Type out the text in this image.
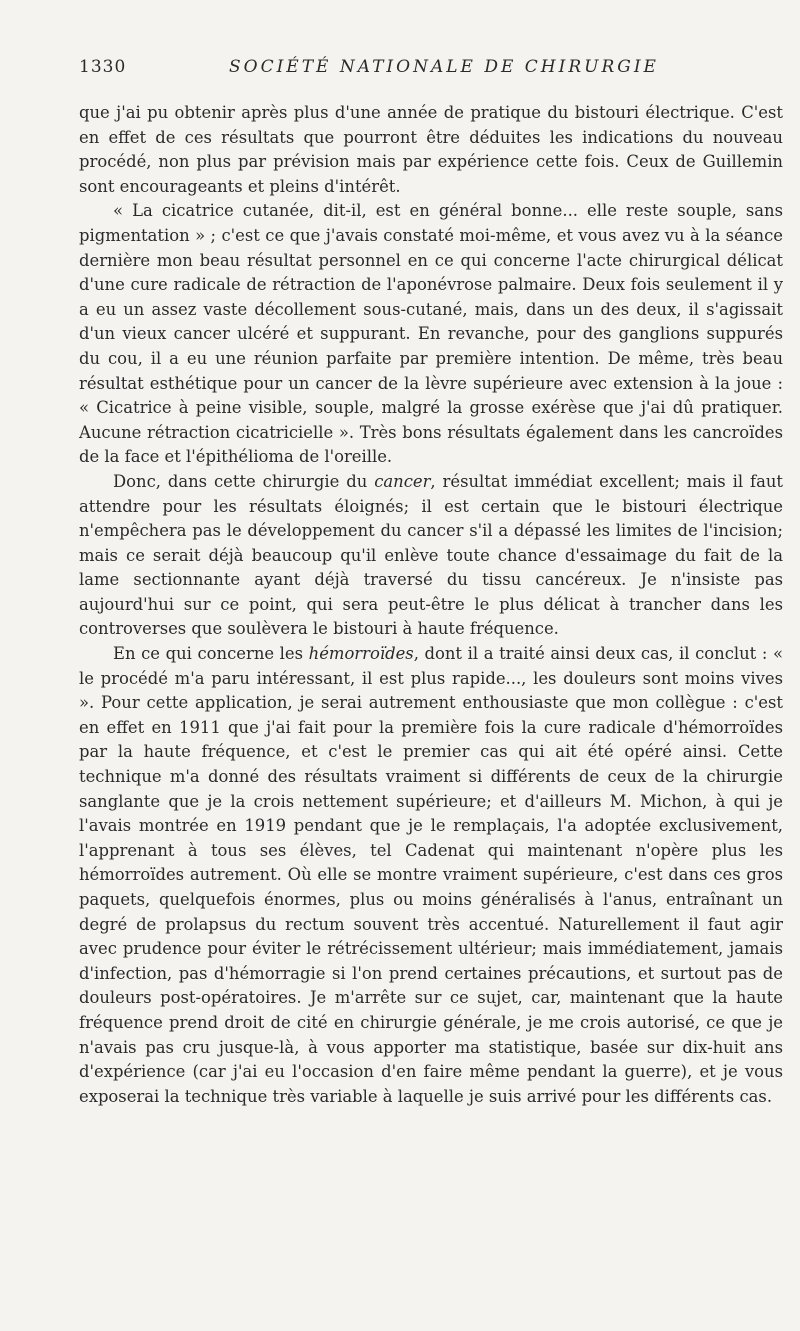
1330	SOCIÉTÉ NATIONALE DE CHIRURGIE

que j'ai pu obtenir après plus d'une année de pratique du bistouri électrique. C'est en effet de ces résultats que pourront être déduites les indications du nouveau procédé, non plus par prévision mais par expérience cette fois. Ceux de Guillemin sont encourageants et pleins d'intérêt.

« La cicatrice cutanée, dit-il, est en général bonne... elle reste souple, sans pigmentation » ; c'est ce que j'avais constaté moi-même, et vous avez vu à la séance dernière mon beau résultat personnel en ce qui concerne l'acte chirurgical délicat d'une cure radicale de rétraction de l'aponévrose palmaire. Deux fois seulement il y a eu un assez vaste décollement sous-cutané, mais, dans un des deux, il s'agissait d'un vieux cancer ulcéré et suppurant. En revanche, pour des ganglions suppurés du cou, il a eu une réunion parfaite par première intention. De même, très beau résultat esthétique pour un cancer de la lèvre supérieure avec extension à la joue : « Cicatrice à peine visible, souple, malgré la grosse exérèse que j'ai dû pratiquer. Aucune rétraction cicatricielle ». Très bons résultats également dans les cancroïdes de la face et l'épithélioma de l'oreille.

Donc, dans cette chirurgie du cancer, résultat immédiat excellent; mais il faut attendre pour les résultats éloignés; il est certain que le bistouri électrique n'empêchera pas le développement du cancer s'il a dépassé les limites de l'incision; mais ce serait déjà beaucoup qu'il enlève toute chance d'essaimage du fait de la lame sectionnante ayant déjà traversé du tissu cancéreux. Je n'insiste pas aujourd'hui sur ce point, qui sera peut-être le plus délicat à trancher dans les controverses que soulèvera le bistouri à haute fréquence.

En ce qui concerne les hémorroïdes, dont il a traité ainsi deux cas, il conclut : « le procédé m'a paru intéressant, il est plus rapide..., les douleurs sont moins vives ». Pour cette application, je serai autrement enthousiaste que mon collègue : c'est en effet en 1911 que j'ai fait pour la première fois la cure radicale d'hémorroïdes par la haute fréquence, et c'est le premier cas qui ait été opéré ainsi. Cette technique m'a donné des résultats vraiment si différents de ceux de la chirurgie sanglante que je la crois nettement supérieure; et d'ailleurs M. Michon, à qui je l'avais montrée en 1919 pendant que je le remplaçais, l'a adoptée exclusivement, l'apprenant à tous ses élèves, tel Cadenat qui maintenant n'opère plus les hémorroïdes autrement. Où elle se montre vraiment supérieure, c'est dans ces gros paquets, quelquefois énormes, plus ou moins généralisés à l'anus, entraînant un degré de prolapsus du rectum souvent très accentué. Naturellement il faut agir avec prudence pour éviter le rétrécissement ultérieur; mais immédiatement, jamais d'infection, pas d'hémorragie si l'on prend certaines précautions, et surtout pas de douleurs post-opératoires. Je m'arrête sur ce sujet, car, maintenant que la haute fréquence prend droit de cité en chirurgie générale, je me crois autorisé, ce que je n'avais pas cru jusque-là, à vous apporter ma statistique, basée sur dix-huit ans d'expérience (car j'ai eu l'occasion d'en faire même pendant la guerre), et je vous exposerai la technique très variable à laquelle je suis arrivé pour les différents cas.
